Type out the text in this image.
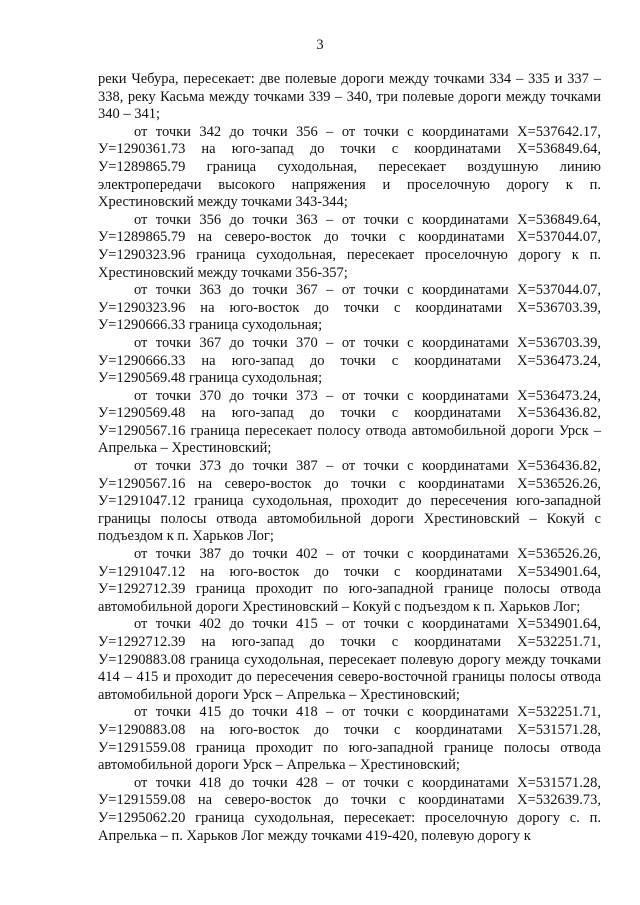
3

реки Чебура, пересекает: две полевые дороги между точками 334 – 335 и 337 – 338, реку Касьма между точками 339 – 340, три полевые дороги между точками 340 – 341;

от точки 342 до точки 356 – от точки с координатами Х=537642.17, У=1290361.73 на юго-запад до точки с координатами Х=536849.64, У=1289865.79 граница суходольная, пересекает воздушную линию электропередачи высокого напряжения и проселочную дорогу к п. Хрестиновский между точками 343-344;

от точки 356 до точки 363 – от точки с координатами Х=536849.64, У=1289865.79 на северо-восток до точки с координатами Х=537044.07, У=1290323.96 граница суходольная, пересекает проселочную дорогу к п. Хрестиновский между точками 356-357;

от точки 363 до точки 367 – от точки с координатами Х=537044.07, У=1290323.96 на юго-восток до точки с координатами Х=536703.39, У=1290666.33 граница суходольная;

от точки 367 до точки 370 – от точки с координатами Х=536703.39, У=1290666.33 на юго-запад до точки с координатами Х=536473.24, У=1290569.48 граница суходольная;

от точки 370 до точки 373 – от точки с координатами Х=536473.24, У=1290569.48 на юго-запад до точки с координатами Х=536436.82, У=1290567.16 граница пересекает полосу отвода автомобильной дороги Урск – Апрелька – Хрестиновский;

от точки 373 до точки 387 – от точки с координатами Х=536436.82, У=1290567.16 на северо-восток до точки с координатами Х=536526.26, У=1291047.12 граница суходольная, проходит до пересечения юго-западной границы полосы отвода автомобильной дороги Хрестиновский – Кокуй с подъездом к п. Харьков Лог;

от точки 387 до точки 402 – от точки с координатами Х=536526.26, У=1291047.12 на юго-восток до точки с координатами Х=534901.64, У=1292712.39 граница проходит по юго-западной границе полосы отвода автомобильной дороги Хрестиновский – Кокуй с подъездом к п. Харьков Лог;

от точки 402 до точки 415 – от точки с координатами Х=534901.64, У=1292712.39 на юго-запад до точки с координатами Х=532251.71, У=1290883.08 граница суходольная, пересекает полевую дорогу между точками 414 – 415 и проходит до пересечения северо-восточной границы полосы отвода автомобильной дороги Урск – Апрелька – Хрестиновский;

от точки 415 до точки 418 – от точки с координатами Х=532251.71, У=1290883.08 на юго-восток до точки с координатами Х=531571.28, У=1291559.08 граница проходит по юго-западной границе полосы отвода автомобильной дороги Урск – Апрелька – Хрестиновский;

от точки 418 до точки 428 – от точки с координатами Х=531571.28, У=1291559.08 на северо-восток до точки с координатами Х=532639.73, У=1295062.20 граница суходольная, пересекает: проселочную дорогу с. п. Апрелька – п. Харьков Лог между точками 419-420, полевую дорогу к
